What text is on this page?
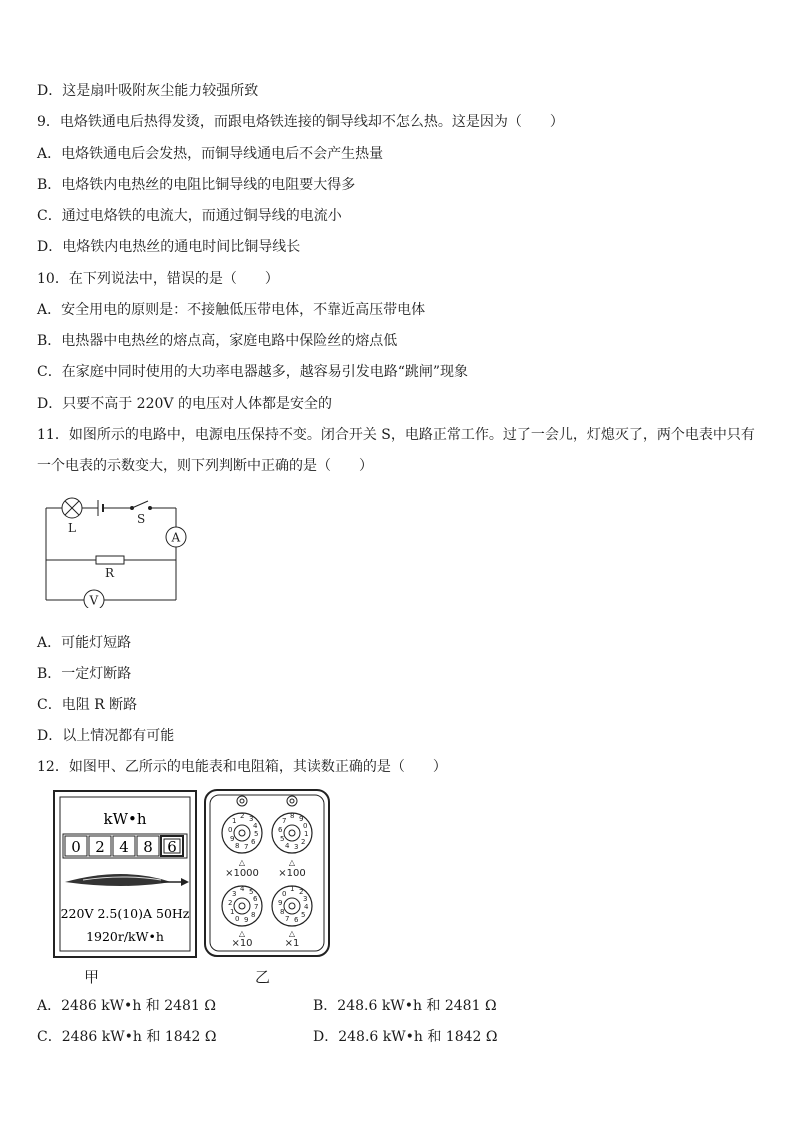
D．这是扇叶吸附灰尘能力较强所致
9．电烙铁通电后热得发烫，而跟电烙铁连接的铜导线却不怎么热。这是因为（　　）
A．电烙铁通电后会发热，而铜导线通电后不会产生热量
B．电烙铁内电热丝的电阻比铜导线的电阻要大得多
C．通过电烙铁的电流大，而通过铜导线的电流小
D．电烙铁内电热丝的通电时间比铜导线长
10．在下列说法中，错误的是（　　）
A．安全用电的原则是：不接触低压带电体，不靠近高压带电体
B．电热器中电热丝的熔点高，家庭电路中保险丝的熔点低
C．在家庭中同时使用的大功率电器越多，越容易引发电路“跳闸”现象
D．只要不高于 220V 的电压对人体都是安全的
11．如图所示的电路中，电源电压保持不变。闭合开关 S，电路正常工作。过了一会儿，灯熄灭了，两个电表中只有
一个电表的示数变大，则下列判断中正确的是（　　）
L
S
A
R
V
A．可能灯短路
B．一定灯断路
C．电阻 R 断路
D．以上情况都有可能
12．如图甲、乙所示的电能表和电阻箱，其读数正确的是（　　）
kW•h
0 2 4 8 6
220V 2.5(10)A 50Hz
1920r/kW•h
甲
2 3
4
5
6
7
8
9
0
1
8 9
0
1
2
3
4
5
6
7
4 5
6
7
8
9
0
1
2
3
1 2
3
4
5
6
7
8
9
0
△	△
×1000 ×100
△	△
×10	×1
乙
A．2486 kW•h 和 2481 Ω	B．248.6 kW•h 和 2481 Ω
C．2486 kW•h 和 1842 Ω	D．248.6 kW•h 和 1842 Ω
